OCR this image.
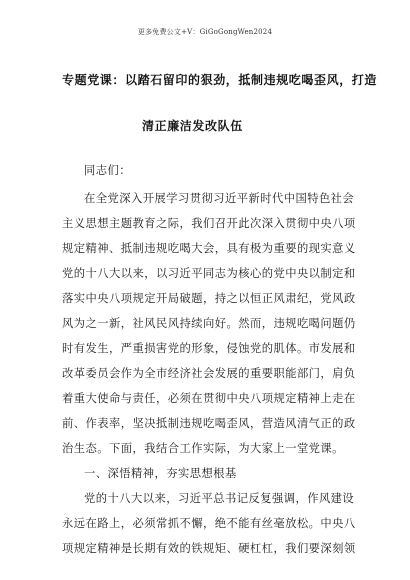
更多免费公文+V：GiGoGongWen2024
专题党课：以踏石留印的狠劲，抵制违规吃喝歪风，打造
清正廉洁发改队伍
同志们：
在全党深入开展学习贯彻习近平新时代中国特色社会
主义思想主题教育之际，我们召开此次深入贯彻中央八项
规定精神、抵制违规吃喝大会，具有极为重要的现实意义
党的十八大以来，以习近平同志为核心的党中央以制定和
落实中央八项规定开局破题，持之以恒正风肃纪，党风政
风为之一新，社风民风持续向好。然而，违规吃喝问题仍
时有发生，严重损害党的形象，侵蚀党的肌体。市发展和
改革委员会作为全市经济社会发展的重要职能部门，肩负
着重大使命与责任，必须在贯彻中央八项规定精神上走在
前、作表率，坚决抵制违规吃喝歪风，营造风清气正的政
治生态。下面，我结合工作实际，为大家上一堂党课。
一、深悟精神，夯实思想根基
党的十八大以来，习近平总书记反复强调，作风建设
永远在路上，必须常抓不懈，绝不能有丝毫放松。中央八
项规定精神是长期有效的铁规矩、硬杠杠，我们要深刻领
